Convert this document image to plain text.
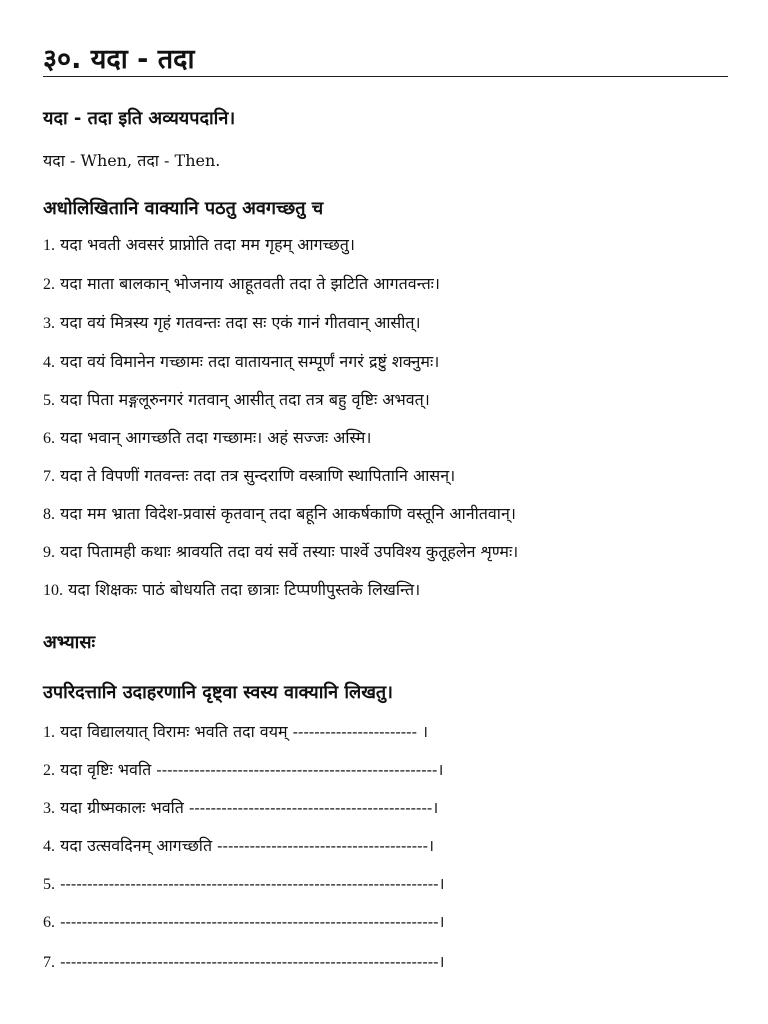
३०. यदा - तदा
यदा - तदा इति अव्ययपदानि।
यदा - When, तदा - Then.
अधोलिखितानि वाक्यानि पठतु अवगच्छतु च
1. यदा भवती अवसरं प्राप्नोति तदा मम गृहम् आगच्छतु।
2. यदा माता बालकान् भोजनाय आहूतवती तदा ते झटिति आगतवन्तः।
3. यदा वयं मित्रस्य गृहं गतवन्तः तदा सः एकं गानं गीतवान् आसीत्।
4. यदा वयं विमानेन गच्छामः तदा वातायनात् सम्पूर्णं नगरं द्रष्टुं शक्नुमः।
5. यदा पिता मङ्गलूरुनगरं गतवान् आसीत् तदा तत्र बहु वृष्टिः अभवत्।
6. यदा भवान् आगच्छति तदा गच्छामः। अहं सज्जः अस्मि।
7. यदा ते विपणीं गतवन्तः तदा तत्र सुन्दराणि वस्त्राणि स्थापितानि आसन्।
8. यदा मम भ्राता विदेश-प्रवासं कृतवान् तदा बहूनि आकर्षकाणि वस्तूनि आनीतवान्।
9. यदा पितामही कथाः श्रावयति तदा वयं सर्वे तस्याः पार्श्वे उपविश्य कुतूहलेन शृण्मः।
10. यदा शिक्षकः पाठं बोधयति तदा छात्राः टिप्पणीपुस्तके लिखन्ति।
अभ्यासः
उपरिदत्तानि उदाहरणानि दृष्ट्वा स्वस्य वाक्यानि लिखतु।
1. यदा विद्यालयात् विरामः भवति तदा वयम् ----------------------- ।
2. यदा वृष्टिः भवति ----------------------------------------------------।
3. यदा ग्रीष्मकालः भवति ---------------------------------------------।
4. यदा उत्सवदिनम् आगच्छति ---------------------------------------।
5. ----------------------------------------------------------------------।
6. ----------------------------------------------------------------------।
7. ----------------------------------------------------------------------।
